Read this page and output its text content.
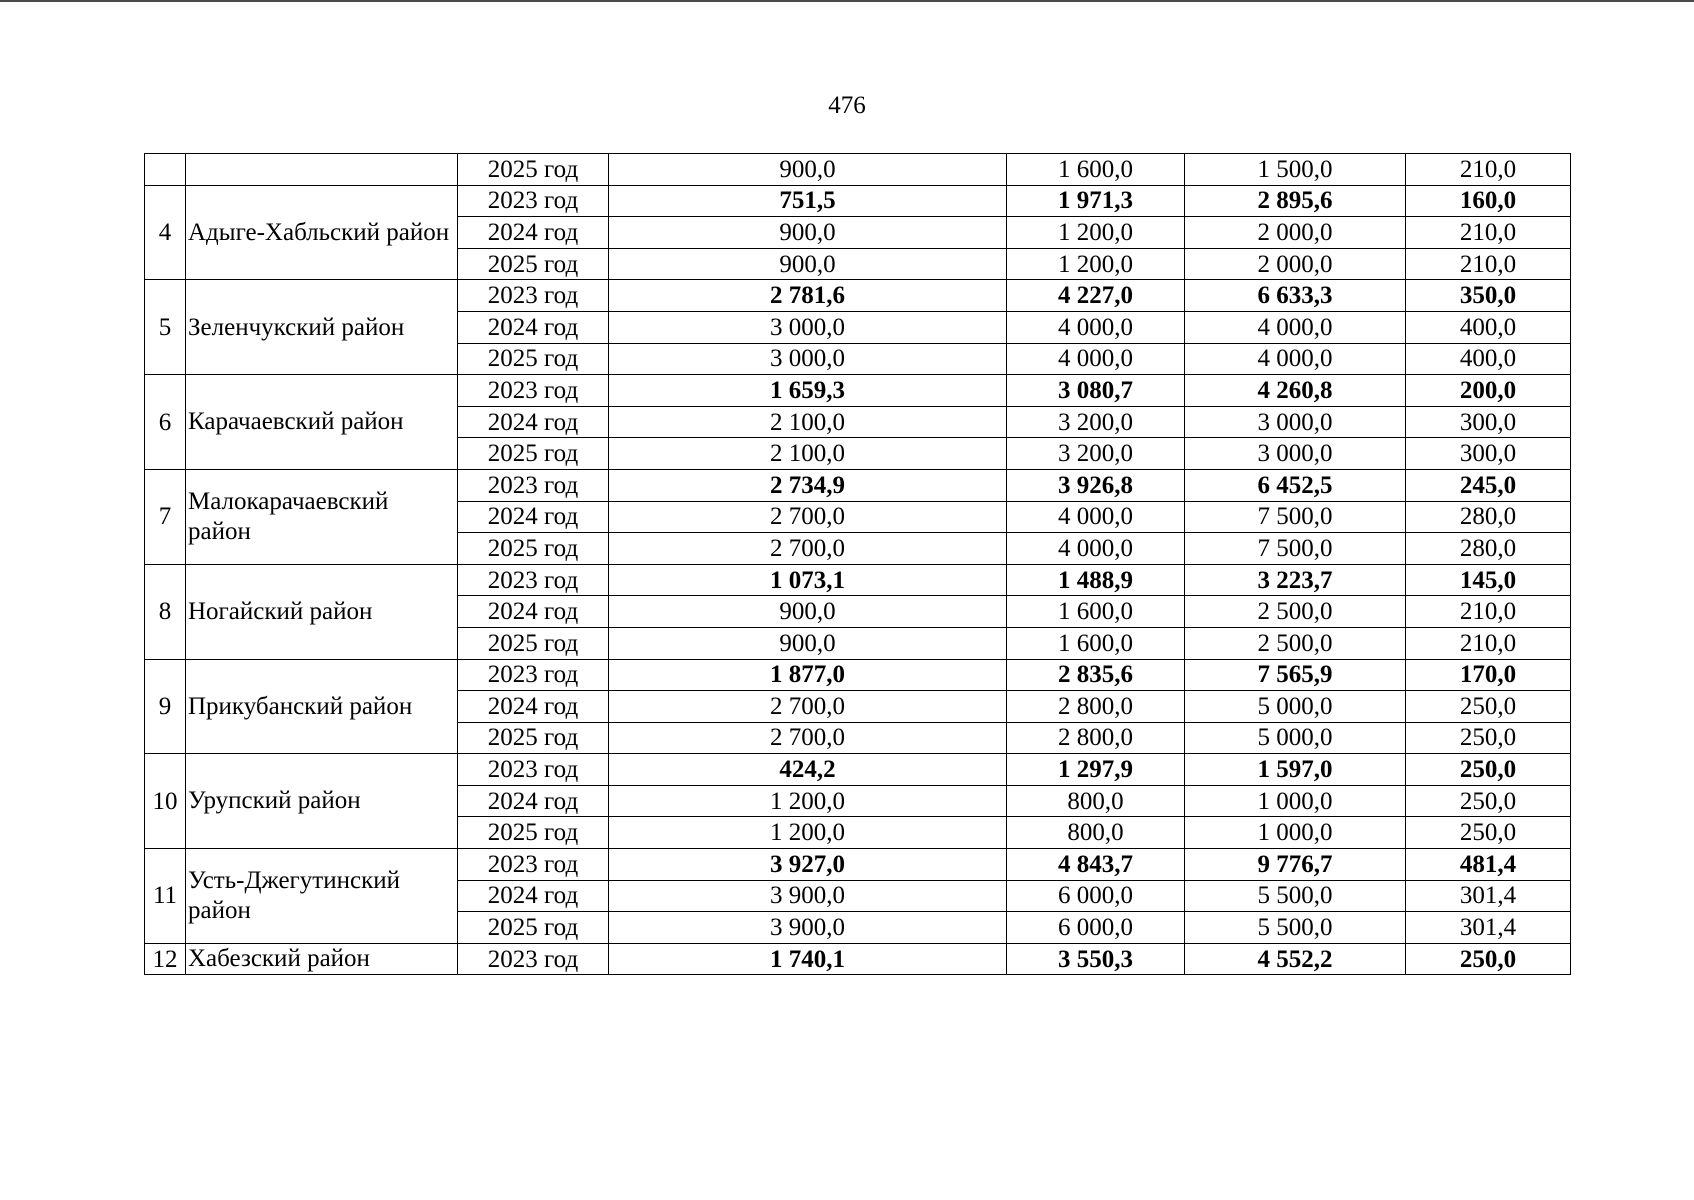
476
		2025 год	900,0	1 600,0	1 500,0	210,0
4	Адыге-Хабльский район	2023 год	751,5	1 971,3	2 895,6	160,0
		2024 год	900,0	1 200,0	2 000,0	210,0
		2025 год	900,0	1 200,0	2 000,0	210,0
5	Зеленчукский район	2023 год	2 781,6	4 227,0	6 633,3	350,0
		2024 год	3 000,0	4 000,0	4 000,0	400,0
		2025 год	3 000,0	4 000,0	4 000,0	400,0
6	Карачаевский район	2023 год	1 659,3	3 080,7	4 260,8	200,0
		2024 год	2 100,0	3 200,0	3 000,0	300,0
		2025 год	2 100,0	3 200,0	3 000,0	300,0
7	Малокарачаевский район	2023 год	2 734,9	3 926,8	6 452,5	245,0
		2024 год	2 700,0	4 000,0	7 500,0	280,0
		2025 год	2 700,0	4 000,0	7 500,0	280,0
8	Ногайский район	2023 год	1 073,1	1 488,9	3 223,7	145,0
		2024 год	900,0	1 600,0	2 500,0	210,0
		2025 год	900,0	1 600,0	2 500,0	210,0
9	Прикубанский район	2023 год	1 877,0	2 835,6	7 565,9	170,0
		2024 год	2 700,0	2 800,0	5 000,0	250,0
		2025 год	2 700,0	2 800,0	5 000,0	250,0
10	Урупский район	2023 год	424,2	1 297,9	1 597,0	250,0
		2024 год	1 200,0	800,0	1 000,0	250,0
		2025 год	1 200,0	800,0	1 000,0	250,0
11	Усть-Джегутинский район	2023 год	3 927,0	4 843,7	9 776,7	481,4
		2024 год	3 900,0	6 000,0	5 500,0	301,4
		2025 год	3 900,0	6 000,0	5 500,0	301,4
12	Хабезский район	2023 год	1 740,1	3 550,3	4 552,2	250,0
